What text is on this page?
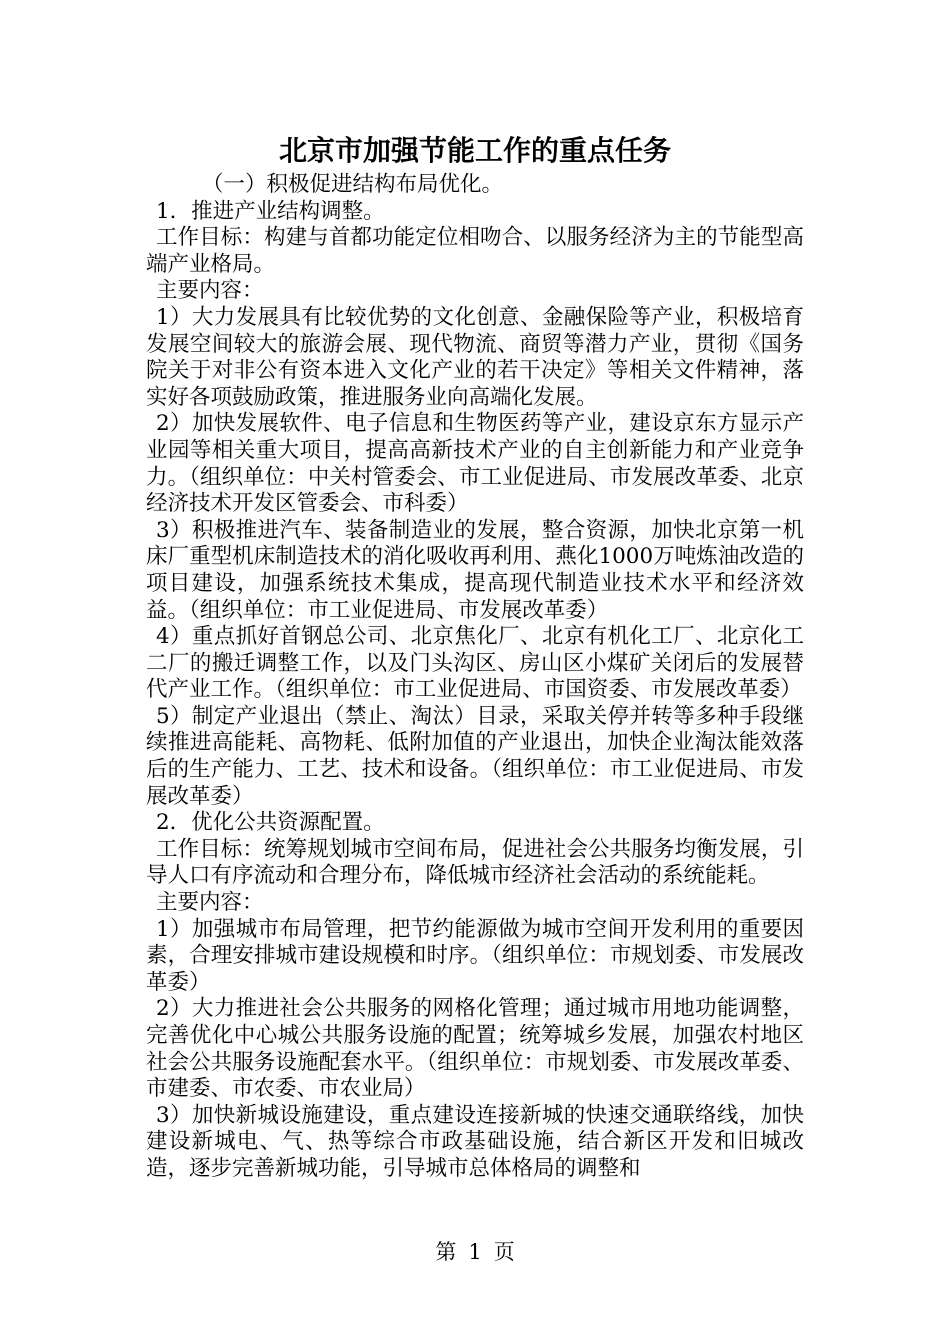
北京市加强节能工作的重点任务

（一）积极促进结构布局优化。

1．推进产业结构调整。

工作目标：构建与首都功能定位相吻合、以服务经济为主的节能型高端产业格局。

主要内容：

1）大力发展具有比较优势的文化创意、金融保险等产业，积极培育发展空间较大的旅游会展、现代物流、商贸等潜力产业，贯彻《国务院关于对非公有资本进入文化产业的若干决定》等相关文件精神，落实好各项鼓励政策，推进服务业向高端化发展。

2）加快发展软件、电子信息和生物医药等产业，建设京东方显示产业园等相关重大项目，提高高新技术产业的自主创新能力和产业竞争力。（组织单位：中关村管委会、市工业促进局、市发展改革委、北京经济技术开发区管委会、市科委）

3）积极推进汽车、装备制造业的发展，整合资源，加快北京第一机床厂重型机床制造技术的消化吸收再利用、燕化1000万吨炼油改造的项目建设，加强系统技术集成，提高现代制造业技术水平和经济效益。（组织单位：市工业促进局、市发展改革委）

4）重点抓好首钢总公司、北京焦化厂、北京有机化工厂、北京化工二厂的搬迁调整工作，以及门头沟区、房山区小煤矿关闭后的发展替代产业工作。（组织单位：市工业促进局、市国资委、市发展改革委）

5）制定产业退出（禁止、淘汰）目录，采取关停并转等多种手段继续推进高能耗、高物耗、低附加值的产业退出，加快企业淘汰能效落后的生产能力、工艺、技术和设备。（组织单位：市工业促进局、市发展改革委）

2．优化公共资源配置。

工作目标：统筹规划城市空间布局，促进社会公共服务均衡发展，引导人口有序流动和合理分布，降低城市经济社会活动的系统能耗。

主要内容：

1）加强城市布局管理，把节约能源做为城市空间开发利用的重要因素，合理安排城市建设规模和时序。（组织单位：市规划委、市发展改革委）

2）大力推进社会公共服务的网格化管理；通过城市用地功能调整，完善优化中心城公共服务设施的配置；统筹城乡发展，加强农村地区社会公共服务设施配套水平。（组织单位：市规划委、市发展改革委、市建委、市农委、市农业局）

3）加快新城设施建设，重点建设连接新城的快速交通联络线，加快建设新城电、气、热等综合市政基础设施，结合新区开发和旧城改造，逐步完善新城功能，引导城市总体格局的调整和

第 1 页
